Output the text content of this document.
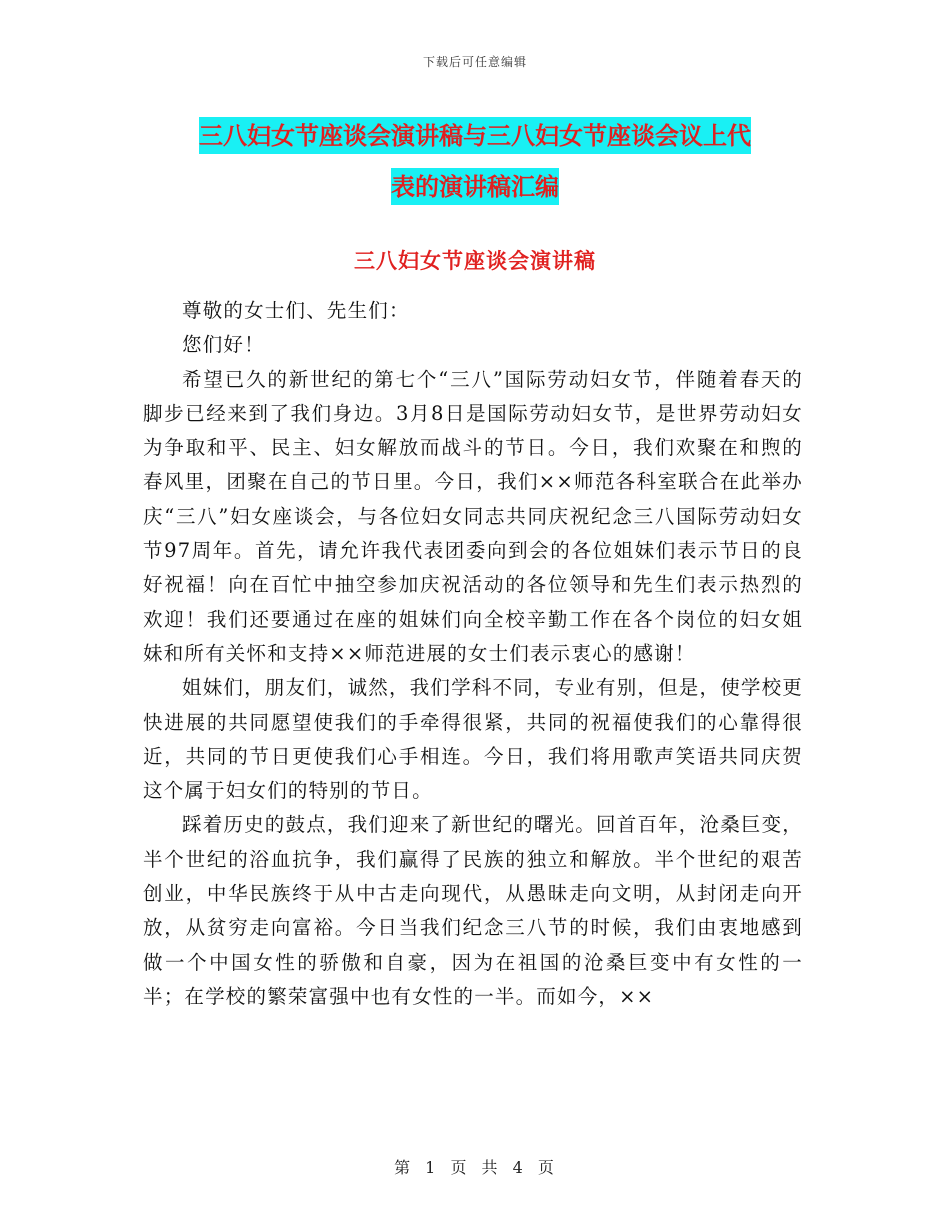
下载后可任意编辑
三八妇女节座谈会演讲稿与三八妇女节座谈会议上代
表的演讲稿汇编
三八妇女节座谈会演讲稿

尊敬的女士们、先生们：

您们好！

希望已久的新世纪的第七个“三八”国际劳动妇女节，伴随着春天的脚步已经来到了我们身边。3月8日是国际劳动妇女节，是世界劳动妇女为争取和平、民主、妇女解放而战斗的节日。今日，我们欢聚在和煦的春风里，团聚在自己的节日里。今日，我们××师范各科室联合在此举办庆“三八”妇女座谈会，与各位妇女同志共同庆祝纪念三八国际劳动妇女节97周年。首先，请允许我代表团委向到会的各位姐妹们表示节日的良好祝福！向在百忙中抽空参加庆祝活动的各位领导和先生们表示热烈的欢迎！我们还要通过在座的姐妹们向全校辛勤工作在各个岗位的妇女姐妹和所有关怀和支持××师范进展的女士们表示衷心的感谢！

姐妹们，朋友们，诚然，我们学科不同，专业有别，但是，使学校更快进展的共同愿望使我们的手牵得很紧，共同的祝福使我们的心靠得很近，共同的节日更使我们心手相连。今日，我们将用歌声笑语共同庆贺这个属于妇女们的特别的节日。

踩着历史的鼓点，我们迎来了新世纪的曙光。回首百年，沧桑巨变，半个世纪的浴血抗争，我们赢得了民族的独立和解放。半个世纪的艰苦创业，中华民族终于从中古走向现代，从愚昧走向文明，从封闭走向开放，从贫穷走向富裕。今日当我们纪念三八节的时候，我们由衷地感到做一个中国女性的骄傲和自豪，因为在祖国的沧桑巨变中有女性的一半；在学校的繁荣富强中也有女性的一半。而如今，××

第 1 页 共 4 页
